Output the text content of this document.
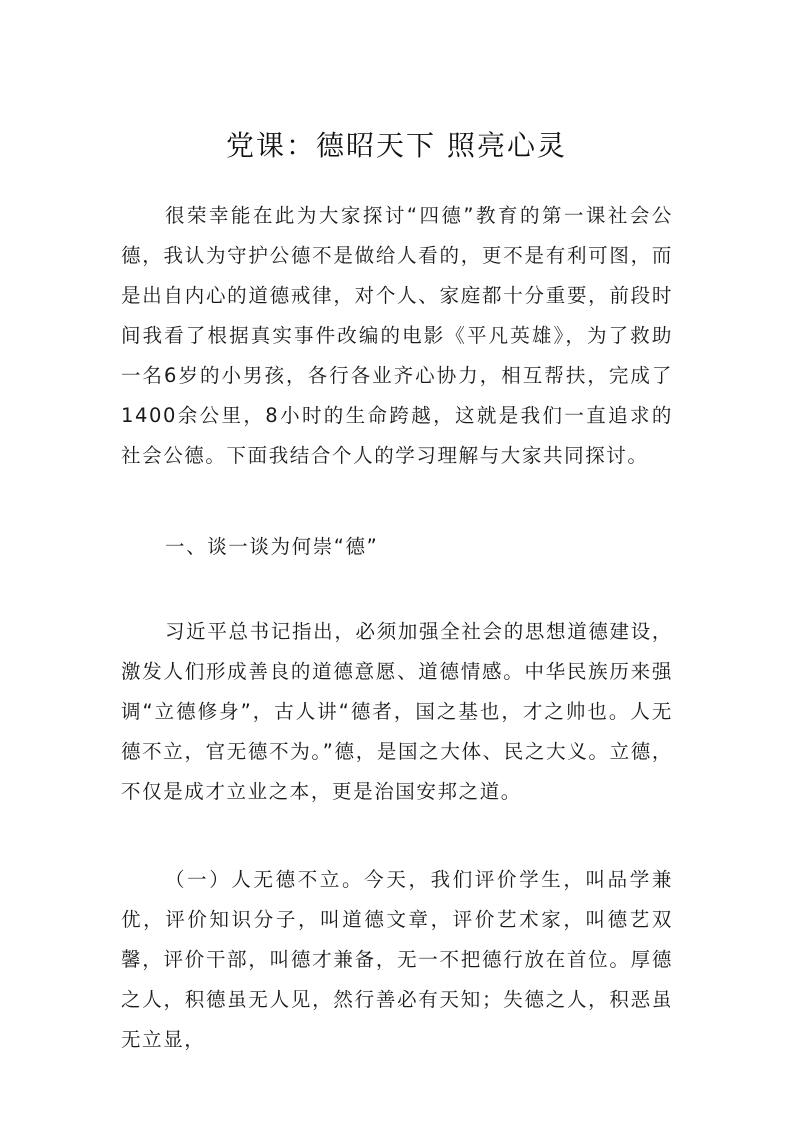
党课：德昭天下 照亮心灵

很荣幸能在此为大家探讨“四德”教育的第一课社会公德，我认为守护公德不是做给人看的，更不是有利可图，而是出自内心的道德戒律，对个人、家庭都十分重要，前段时间我看了根据真实事件改编的电影《平凡英雄》，为了救助一名6岁的小男孩，各行各业齐心协力，相互帮扶，完成了1400余公里，8小时的生命跨越，这就是我们一直追求的社会公德。下面我结合个人的学习理解与大家共同探讨。

一、谈一谈为何崇“德”

习近平总书记指出，必须加强全社会的思想道德建设，激发人们形成善良的道德意愿、道德情感。中华民族历来强调“立德修身”，古人讲“德者，国之基也，才之帅也。人无德不立，官无德不为。”德，是国之大体、民之大义。立德，不仅是成才立业之本，更是治国安邦之道。

（一）人无德不立。今天，我们评价学生，叫品学兼优，评价知识分子，叫道德文章，评价艺术家，叫德艺双馨，评价干部，叫德才兼备，无一不把德行放在首位。厚德之人，积德虽无人见，然行善必有天知；失德之人，积恶虽无立显，
